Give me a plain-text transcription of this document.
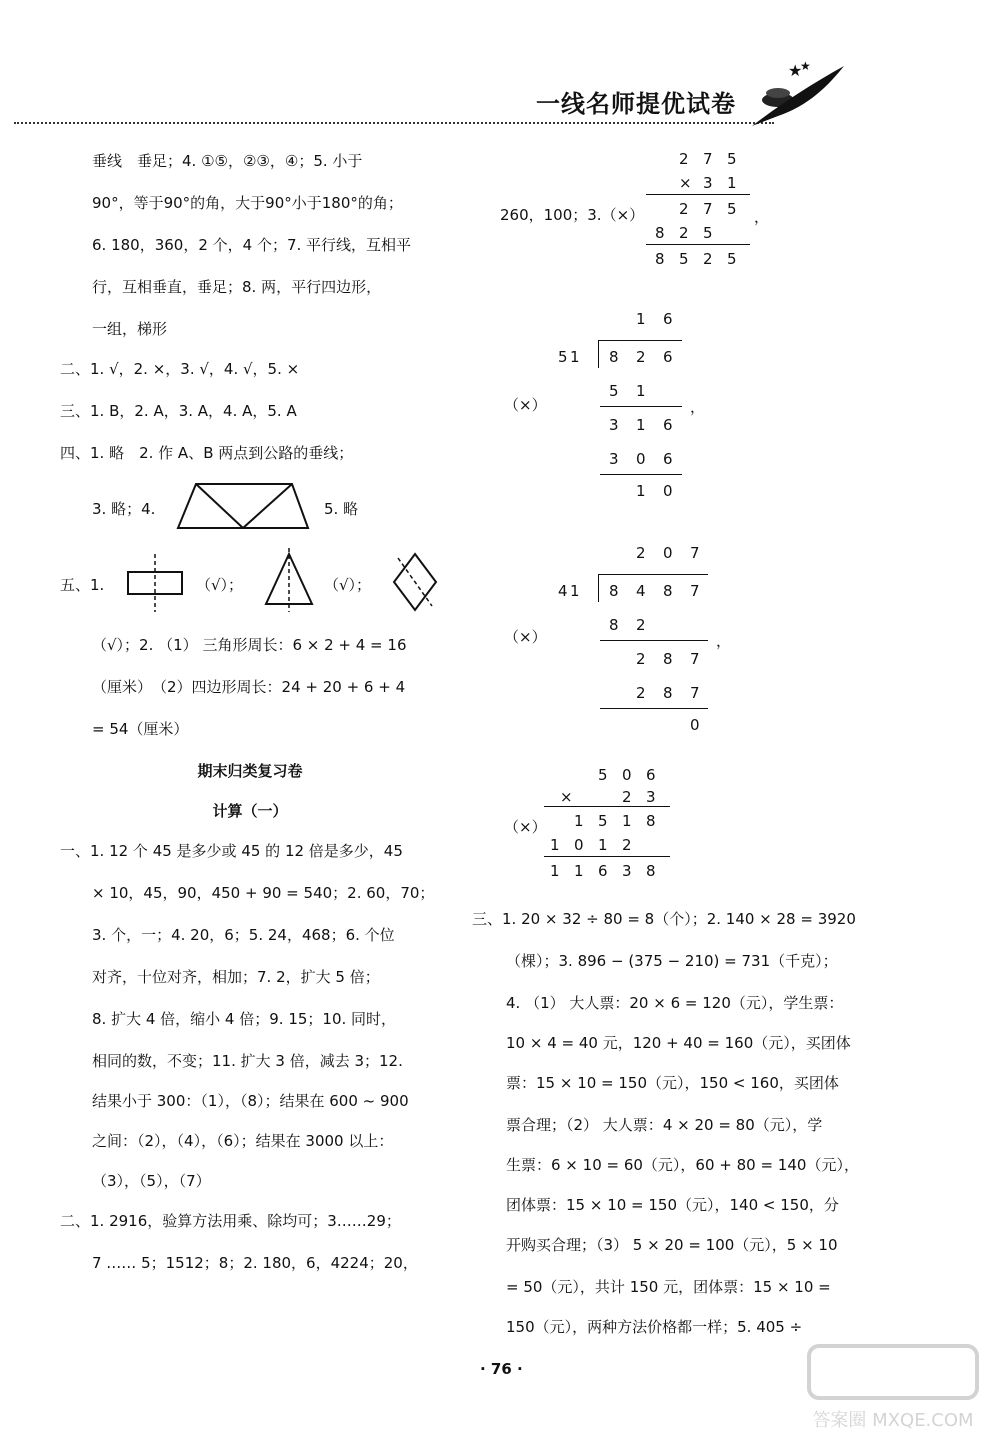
一线名师提优试卷
★
★
垂线　垂足；4. ①⑤，②③，④；5. 小于
90°，等于90°的角，大于90°小于180°的角；
6. 180，360，2 个，4 个；7. 平行线，互相平
行，互相垂直，垂足；8. 两，平行四边形，
一组，梯形
二、1. √，2. ×，3. √，4. √，5. ×
三、1. B，2. A，3. A，4. A，5. A
四、1. 略　2. 作 A、B 两点到公路的垂线；
3. 略；4.	5. 略
五、1.	（√）；	（√）；
（√）；2. （1） 三角形周长：6 × 2 + 4 = 16
（厘米）　（2）四边形周长：24 + 20 + 6 + 4
= 54（厘米）
期末归类复习卷
计算（一）
一、1. 12 个 45 是多少或 45 的 12 倍是多少，45
× 10，45，90，450 + 90 = 540；2. 60，70；
3. 个，一；4. 20，6；5. 24，468；6. 个位
对齐，十位对齐，相加；7. 2，扩大 5 倍；
8. 扩大 4 倍，缩小 4 倍；9. 15；10. 同时，
相同的数，不变；11. 扩大 3 倍，减去 3；12.
结果小于 300：（1），（8）；结果在 600 ~ 900
之间：（2），（4），（6）；结果在 3000 以上：
（3），（5），（7）
二、1. 2916，验算方法用乘、除均可；3……29；
7 …… 5；1512；8；2. 180，6，4224；20，
260，100；3.（×）
2 7 5
× 3 1
2 7 5
8 2 5
8 5 2 5
，
（×）
1 6
5 1 8 2 6
5 1
3 1 6
3 0 6
1 0
，
（×）
2 0 7
4 1 8 4 8 7
8 2
2 8 7
2 8 7
0
，
（×）
5 0 6
×	2 3
1 5 1 8
1 0 1 2
1 1 6 3 8
三、1. 20 × 32 ÷ 80 = 8（个）；2. 140 × 28 = 3920
（棵）；3. 896 − (375 − 210) = 731（千克）；
4. （1） 大人票：20 × 6 = 120（元），学生票：
10 × 4 = 40 元，120 + 40 = 160（元），买团体
票：15 × 10 = 150（元），150 < 160，买团体
票合理；（2） 大人票：4 × 20 = 80（元），学
生票：6 × 10 = 60（元），60 + 80 = 140（元），
团体票：15 × 10 = 150（元），140 < 150，分
开购买合理；（3） 5 × 20 = 100（元），5 × 10
= 50（元），共计 150 元，团体票：15 × 10 =
150（元），两种方法价格都一样；5. 405 ÷
· 76 ·
答案圈 MXQE.COM
